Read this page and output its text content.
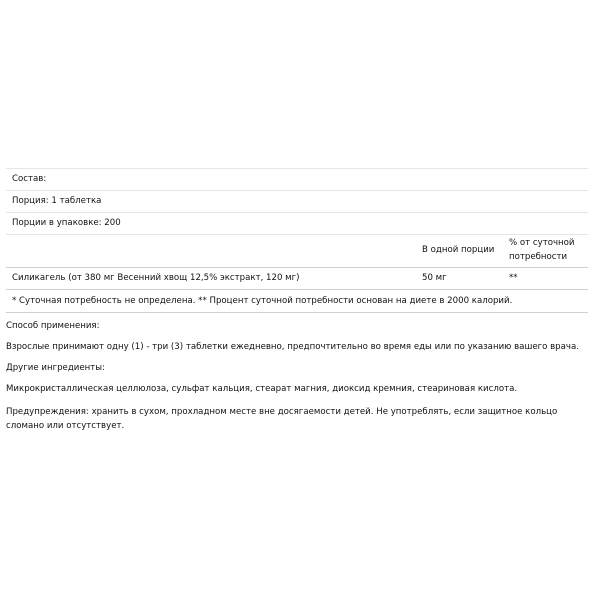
Состав:
Порция: 1 таблетка
Порции в упаковке: 200
В одной порции
% от суточной
потребности
Силикагель (от 380 мг Весенний хвощ 12,5% экстракт, 120 мг)	50 мг	**
* Суточная потребность не определена. ** Процент суточной потребности основан на диете в 2000 калорий.

Способ применения:

Взрослые принимают одну (1) - три (3) таблетки ежедневно, предпочтительно во время еды или по указанию вашего врача.

Другие ингредиенты:

Микрокристаллическая целлюлоза, сульфат кальция, стеарат магния, диоксид кремния, стеариновая кислота.

Предупреждения: хранить в сухом, прохладном месте вне досягаемости детей. Не употреблять, если защитное кольцо
сломано или отсутствует.
